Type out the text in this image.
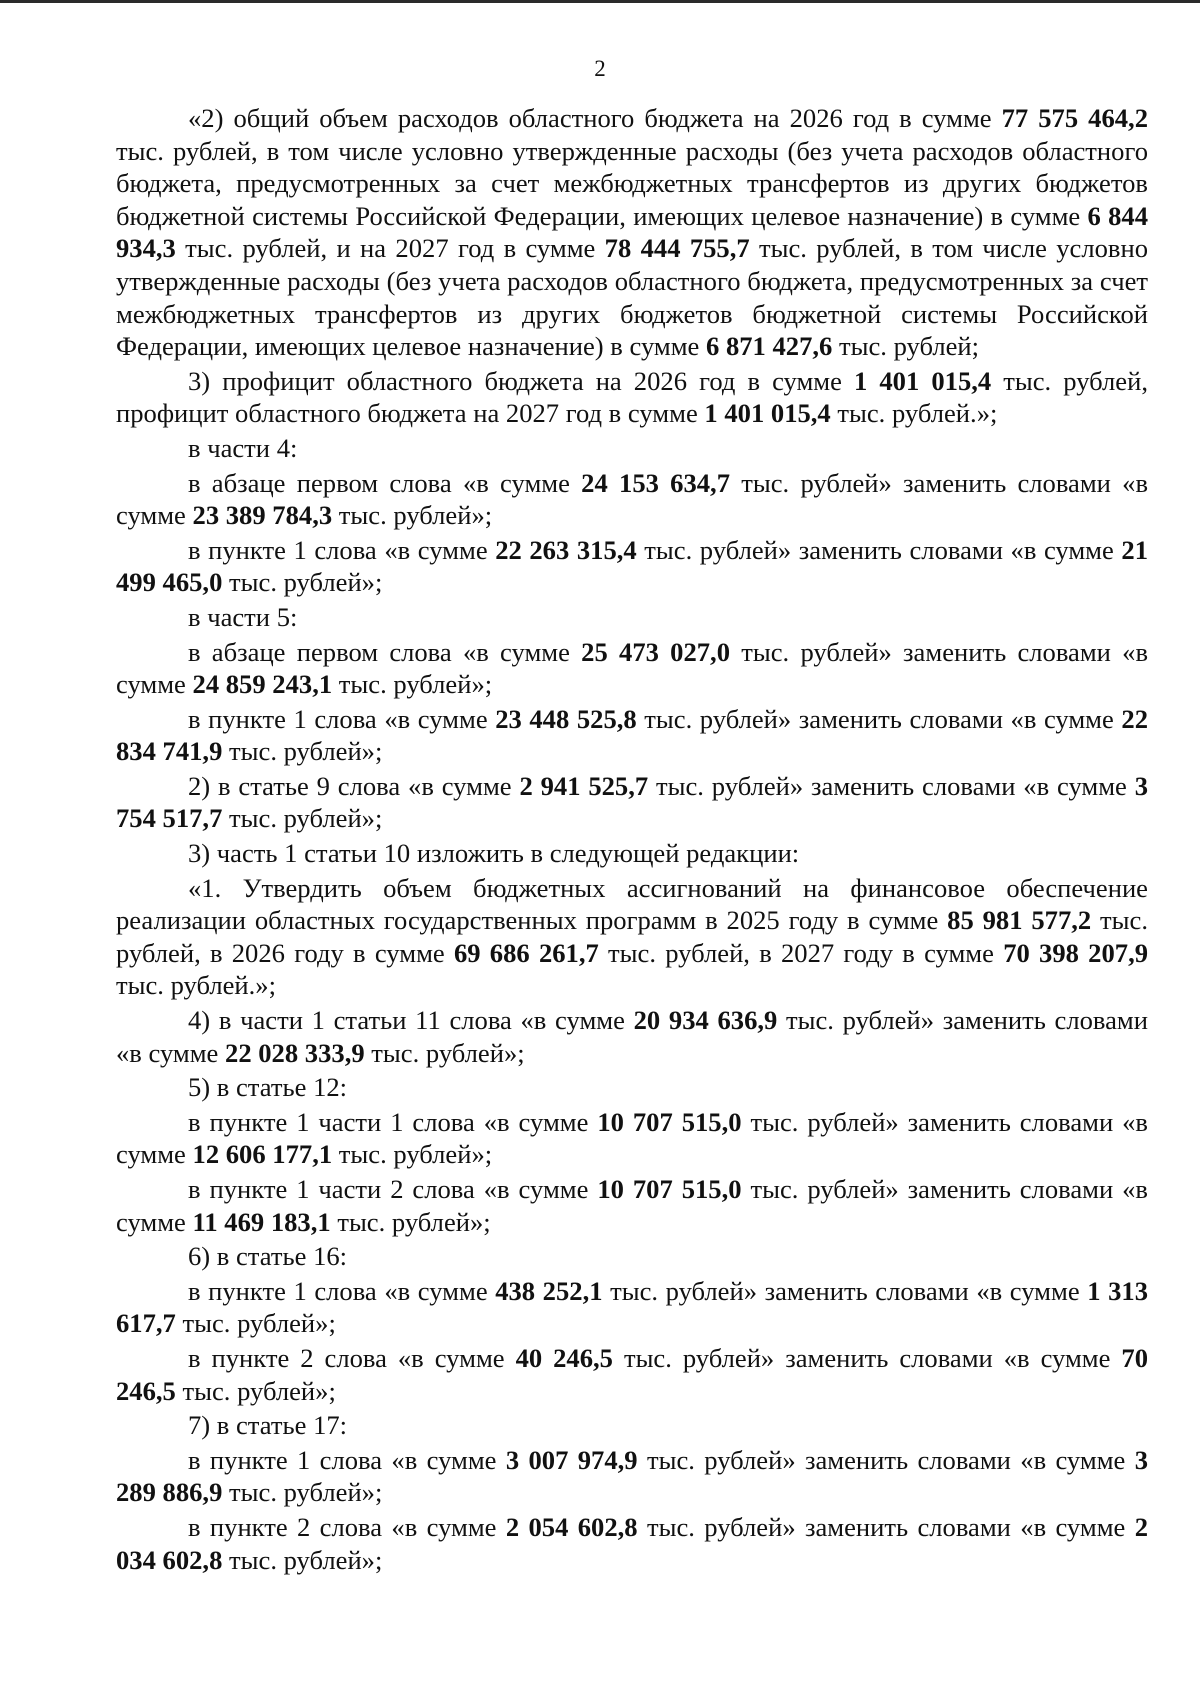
2

«2) общий объем расходов областного бюджета на 2026 год в сумме 77 575 464,2 тыс. рублей, в том числе условно утвержденные расходы (без учета расходов областного бюджета, предусмотренных за счет межбюджетных трансфертов из других бюджетов бюджетной системы Российской Федерации, имеющих целевое назначение) в сумме 6 844 934,3 тыс. рублей, и на 2027 год в сумме 78 444 755,7 тыс. рублей, в том числе условно утвержденные расходы (без учета расходов областного бюджета, предусмотренных за счет межбюджетных трансфертов из других бюджетов бюджетной системы Российской Федерации, имеющих целевое назначение) в сумме 6 871 427,6 тыс. рублей;

3) профицит областного бюджета на 2026 год в сумме 1 401 015,4 тыс. рублей, профицит областного бюджета на 2027 год в сумме 1 401 015,4 тыс. рублей.»;

в части 4:

в абзаце первом слова «в сумме 24 153 634,7 тыс. рублей» заменить словами «в сумме 23 389 784,3 тыс. рублей»;

в пункте 1 слова «в сумме 22 263 315,4 тыс. рублей» заменить словами «в сумме 21 499 465,0 тыс. рублей»;

в части 5:

в абзаце первом слова «в сумме 25 473 027,0 тыс. рублей» заменить словами «в сумме 24 859 243,1 тыс. рублей»;

в пункте 1 слова «в сумме 23 448 525,8 тыс. рублей» заменить словами «в сумме 22 834 741,9 тыс. рублей»;

2) в статье 9 слова «в сумме 2 941 525,7 тыс. рублей» заменить словами «в сумме 3 754 517,7 тыс. рублей»;

3) часть 1 статьи 10 изложить в следующей редакции:

«1. Утвердить объем бюджетных ассигнований на финансовое обеспечение реализации областных государственных программ в 2025 году в сумме 85 981 577,2 тыс. рублей, в 2026 году в сумме 69 686 261,7 тыс. рублей, в 2027 году в сумме 70 398 207,9 тыс. рублей.»;

4) в части 1 статьи 11 слова «в сумме 20 934 636,9 тыс. рублей» заменить словами «в сумме 22 028 333,9 тыс. рублей»;

5) в статье 12:

в пункте 1 части 1 слова «в сумме 10 707 515,0 тыс. рублей» заменить словами «в сумме 12 606 177,1 тыс. рублей»;

в пункте 1 части 2 слова «в сумме 10 707 515,0 тыс. рублей» заменить словами «в сумме 11 469 183,1 тыс. рублей»;

6) в статье 16:

в пункте 1 слова «в сумме 438 252,1 тыс. рублей» заменить словами «в сумме 1 313 617,7 тыс. рублей»;

в пункте 2 слова «в сумме 40 246,5 тыс. рублей» заменить словами «в сумме 70 246,5 тыс. рублей»;

7) в статье 17:

в пункте 1 слова «в сумме 3 007 974,9 тыс. рублей» заменить словами «в сумме 3 289 886,9 тыс. рублей»;

в пункте 2 слова «в сумме 2 054 602,8 тыс. рублей» заменить словами «в сумме 2 034 602,8 тыс. рублей»;
